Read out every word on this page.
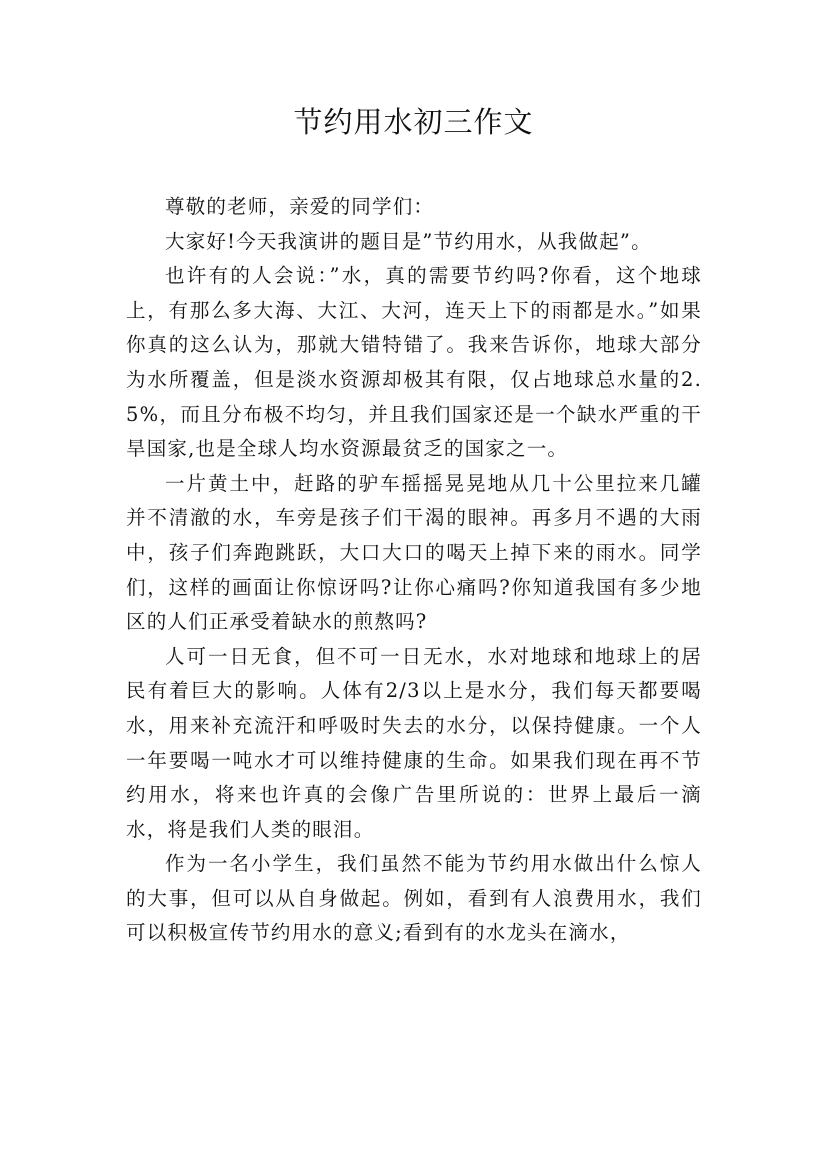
节约用水初三作文

尊敬的老师，亲爱的同学们：

大家好!今天我演讲的题目是”节约用水，从我做起”。

也许有的人会说：”水，真的需要节约吗?你看，这个地球上，有那么多大海、大江、大河，连天上下的雨都是水。”如果你真的这么认为，那就大错特错了。我来告诉你，地球大部分为水所覆盖，但是淡水资源却极其有限，仅占地球总水量的2.5%，而且分布极不均匀，并且我们国家还是一个缺水严重的干旱国家,也是全球人均水资源最贫乏的国家之一。

一片黄土中，赶路的驴车摇摇晃晃地从几十公里拉来几罐并不清澈的水，车旁是孩子们干渴的眼神。再多月不遇的大雨中，孩子们奔跑跳跃，大口大口的喝天上掉下来的雨水。同学们，这样的画面让你惊讶吗?让你心痛吗?你知道我国有多少地区的人们正承受着缺水的煎熬吗?

人可一日无食，但不可一日无水，水对地球和地球上的居民有着巨大的影响。人体有2/3以上是水分，我们每天都要喝水，用来补充流汗和呼吸时失去的水分，以保持健康。一个人一年要喝一吨水才可以维持健康的生命。如果我们现在再不节约用水，将来也许真的会像广告里所说的：世界上最后一滴水，将是我们人类的眼泪。

作为一名小学生，我们虽然不能为节约用水做出什么惊人的大事，但可以从自身做起。例如，看到有人浪费用水，我们可以积极宣传节约用水的意义;看到有的水龙头在滴水，
